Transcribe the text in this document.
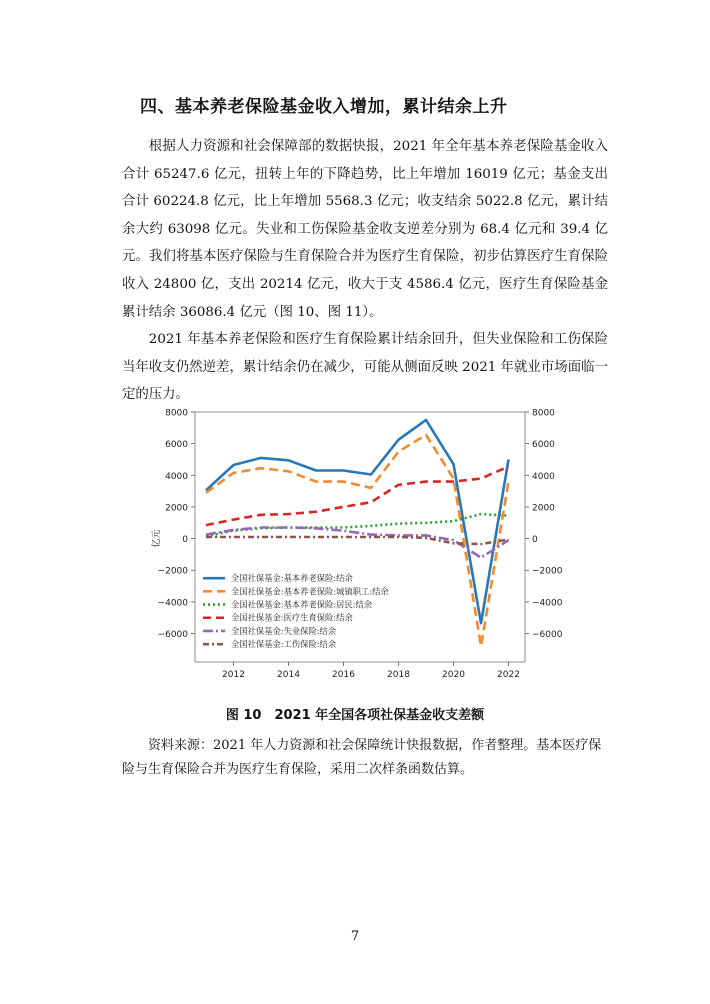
四、基本养老保险基金收入增加，累计结余上升

根据人力资源和社会保障部的数据快报，2021 年全年基本养老保险基金收入合计 65247.6 亿元，扭转上年的下降趋势，比上年增加 16019 亿元；基金支出合计 60224.8 亿元，比上年增加 5568.3 亿元；收支结余 5022.8 亿元，累计结余大约 63098 亿元。失业和工伤保险基金收支逆差分别为 68.4 亿元和 39.4 亿元。我们将基本医疗保险与生育保险合并为医疗生育保险，初步估算医疗生育保险收入 24800 亿，支出 20214 亿元，收大于支 4586.4 亿元，医疗生育保险基金累计结余 36086.4 亿元（图 10、图 11）。

2021 年基本养老保险和医疗生育保险累计结余回升，但失业保险和工伤保险当年收支仍然逆差，累计结余仍在减少，可能从侧面反映 2021 年就业市场面临一定的压力。

8000	8000
6000	6000
4000	4000
2000	2000
0	0
−2000	−2000
−4000	−4000
−6000	−6000
2012	2014	2016	2018	2020	2022
亿元
全国社保基金:基本养老保险:结余
全国社保基金:基本养老保险:城镇职工:结余
全国社保基金:基本养老保险:居民:结余
全国社保基金:医疗生育保险:结余
全国社保基金:失业保险:结余
全国社保基金:工伤保险:结余
图 10　2021 年全国各项社保基金收支差额

资料来源：2021 年人力资源和社会保障统计快报数据，作者整理。基本医疗保险与生育保险合并为医疗生育保险，采用二次样条函数估算。

7
